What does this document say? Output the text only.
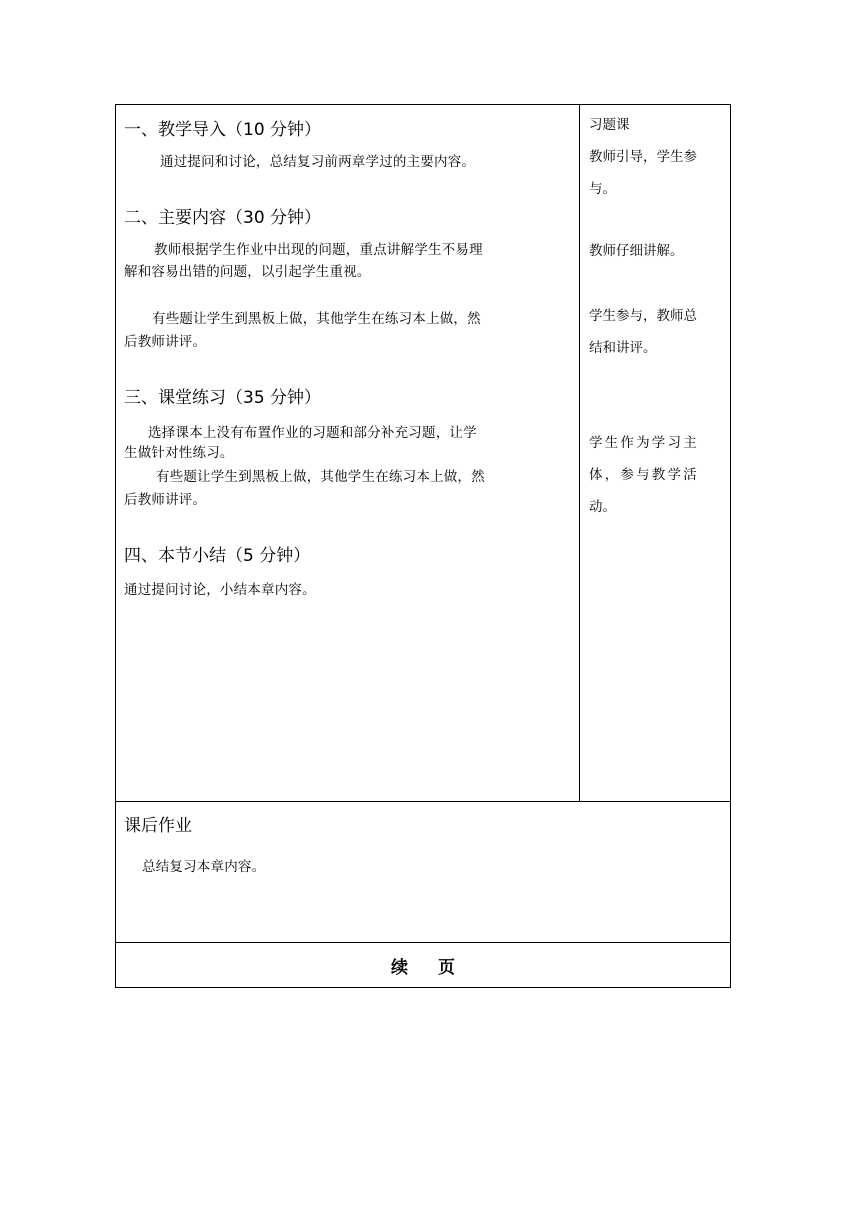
一、教学导入（10 分钟）
通过提问和讨论，总结复习前两章学过的主要内容。
二、主要内容（30 分钟）
教师根据学生作业中出现的问题，重点讲解学生不易理
解和容易出错的问题，以引起学生重视。
有些题让学生到黑板上做，其他学生在练习本上做，然
后教师讲评。
三、课堂练习（35 分钟）
选择课本上没有布置作业的习题和部分补充习题，让学
生做针对性练习。
有些题让学生到黑板上做，其他学生在练习本上做，然
后教师讲评。
四、本节小结（5 分钟）
通过提问讨论，小结本章内容。
习题课
教师引导，学生参
与。
教师仔细讲解。
学生参与，教师总
结和讲评。
学生作为学习主
体，参与教学活
动。
课后作业
总结复习本章内容。
续页
